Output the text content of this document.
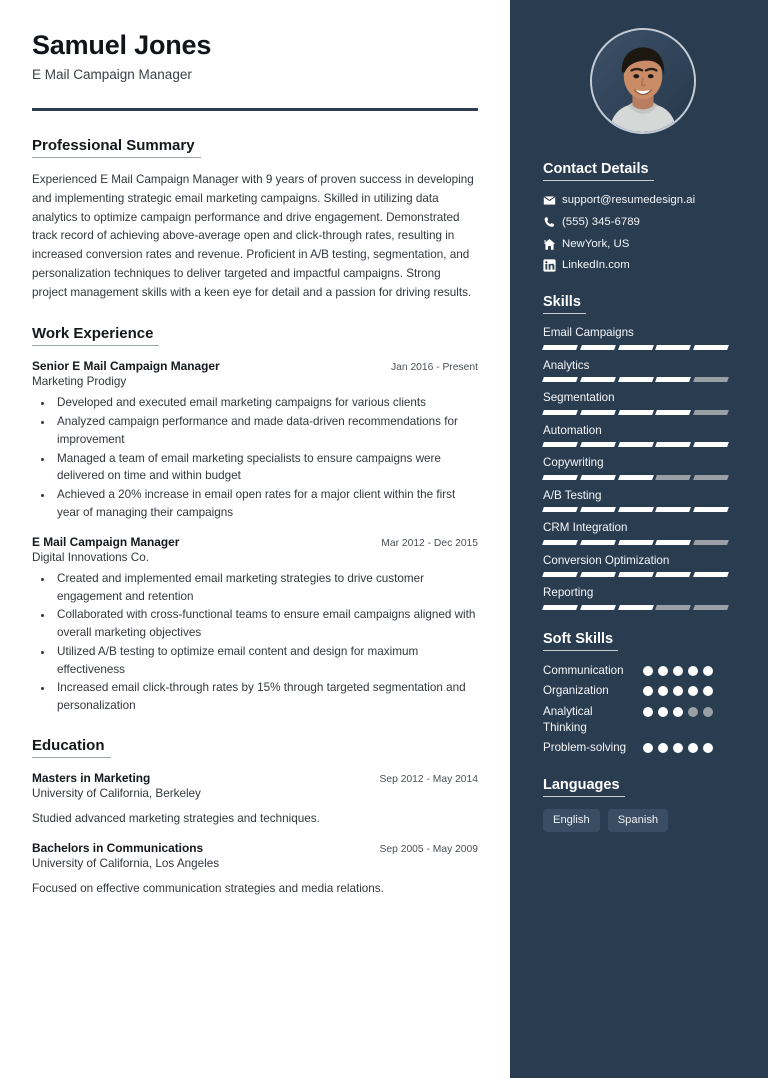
Samuel Jones
E Mail Campaign Manager
Professional Summary

Experienced E Mail Campaign Manager with 9 years of proven success in developing and implementing strategic email marketing campaigns. Skilled in utilizing data analytics to optimize campaign performance and drive engagement. Demonstrated track record of achieving above-average open and click-through rates, resulting in increased conversion rates and revenue. Proficient in A/B testing, segmentation, and personalization techniques to deliver targeted and impactful campaigns. Strong project management skills with a keen eye for detail and a passion for driving results.

Work Experience
Senior E Mail Campaign Manager	Jan 2016 - Present
Marketing Prodigy
• Developed and executed email marketing campaigns for various clients
• Analyzed campaign performance and made data-driven recommendations for improvement
• Managed a team of email marketing specialists to ensure campaigns were delivered on time and within budget
• Achieved a 20% increase in email open rates for a major client within the first year of managing their campaigns
E Mail Campaign Manager	Mar 2012 - Dec 2015
Digital Innovations Co.
• Created and implemented email marketing strategies to drive customer engagement and retention
• Collaborated with cross-functional teams to ensure email campaigns aligned with overall marketing objectives
• Utilized A/B testing to optimize email content and design for maximum effectiveness
• Increased email click-through rates by 15% through targeted segmentation and personalization
Education
Masters in Marketing	Sep 2012 - May 2014
University of California, Berkeley
Studied advanced marketing strategies and techniques.
Bachelors in Communications	Sep 2005 - May 2009
University of California, Los Angeles
Focused on effective communication strategies and media relations.
Contact Details
support@resumedesign.ai
(555) 345-6789
NewYork, US
LinkedIn.com
Skills
Email Campaigns
Analytics
Segmentation
Automation
Copywriting
A/B Testing
CRM Integration
Conversion Optimization
Reporting
Soft Skills
Communication
Organization
Analytical Thinking
Problem-solving
Languages
English	Spanish
